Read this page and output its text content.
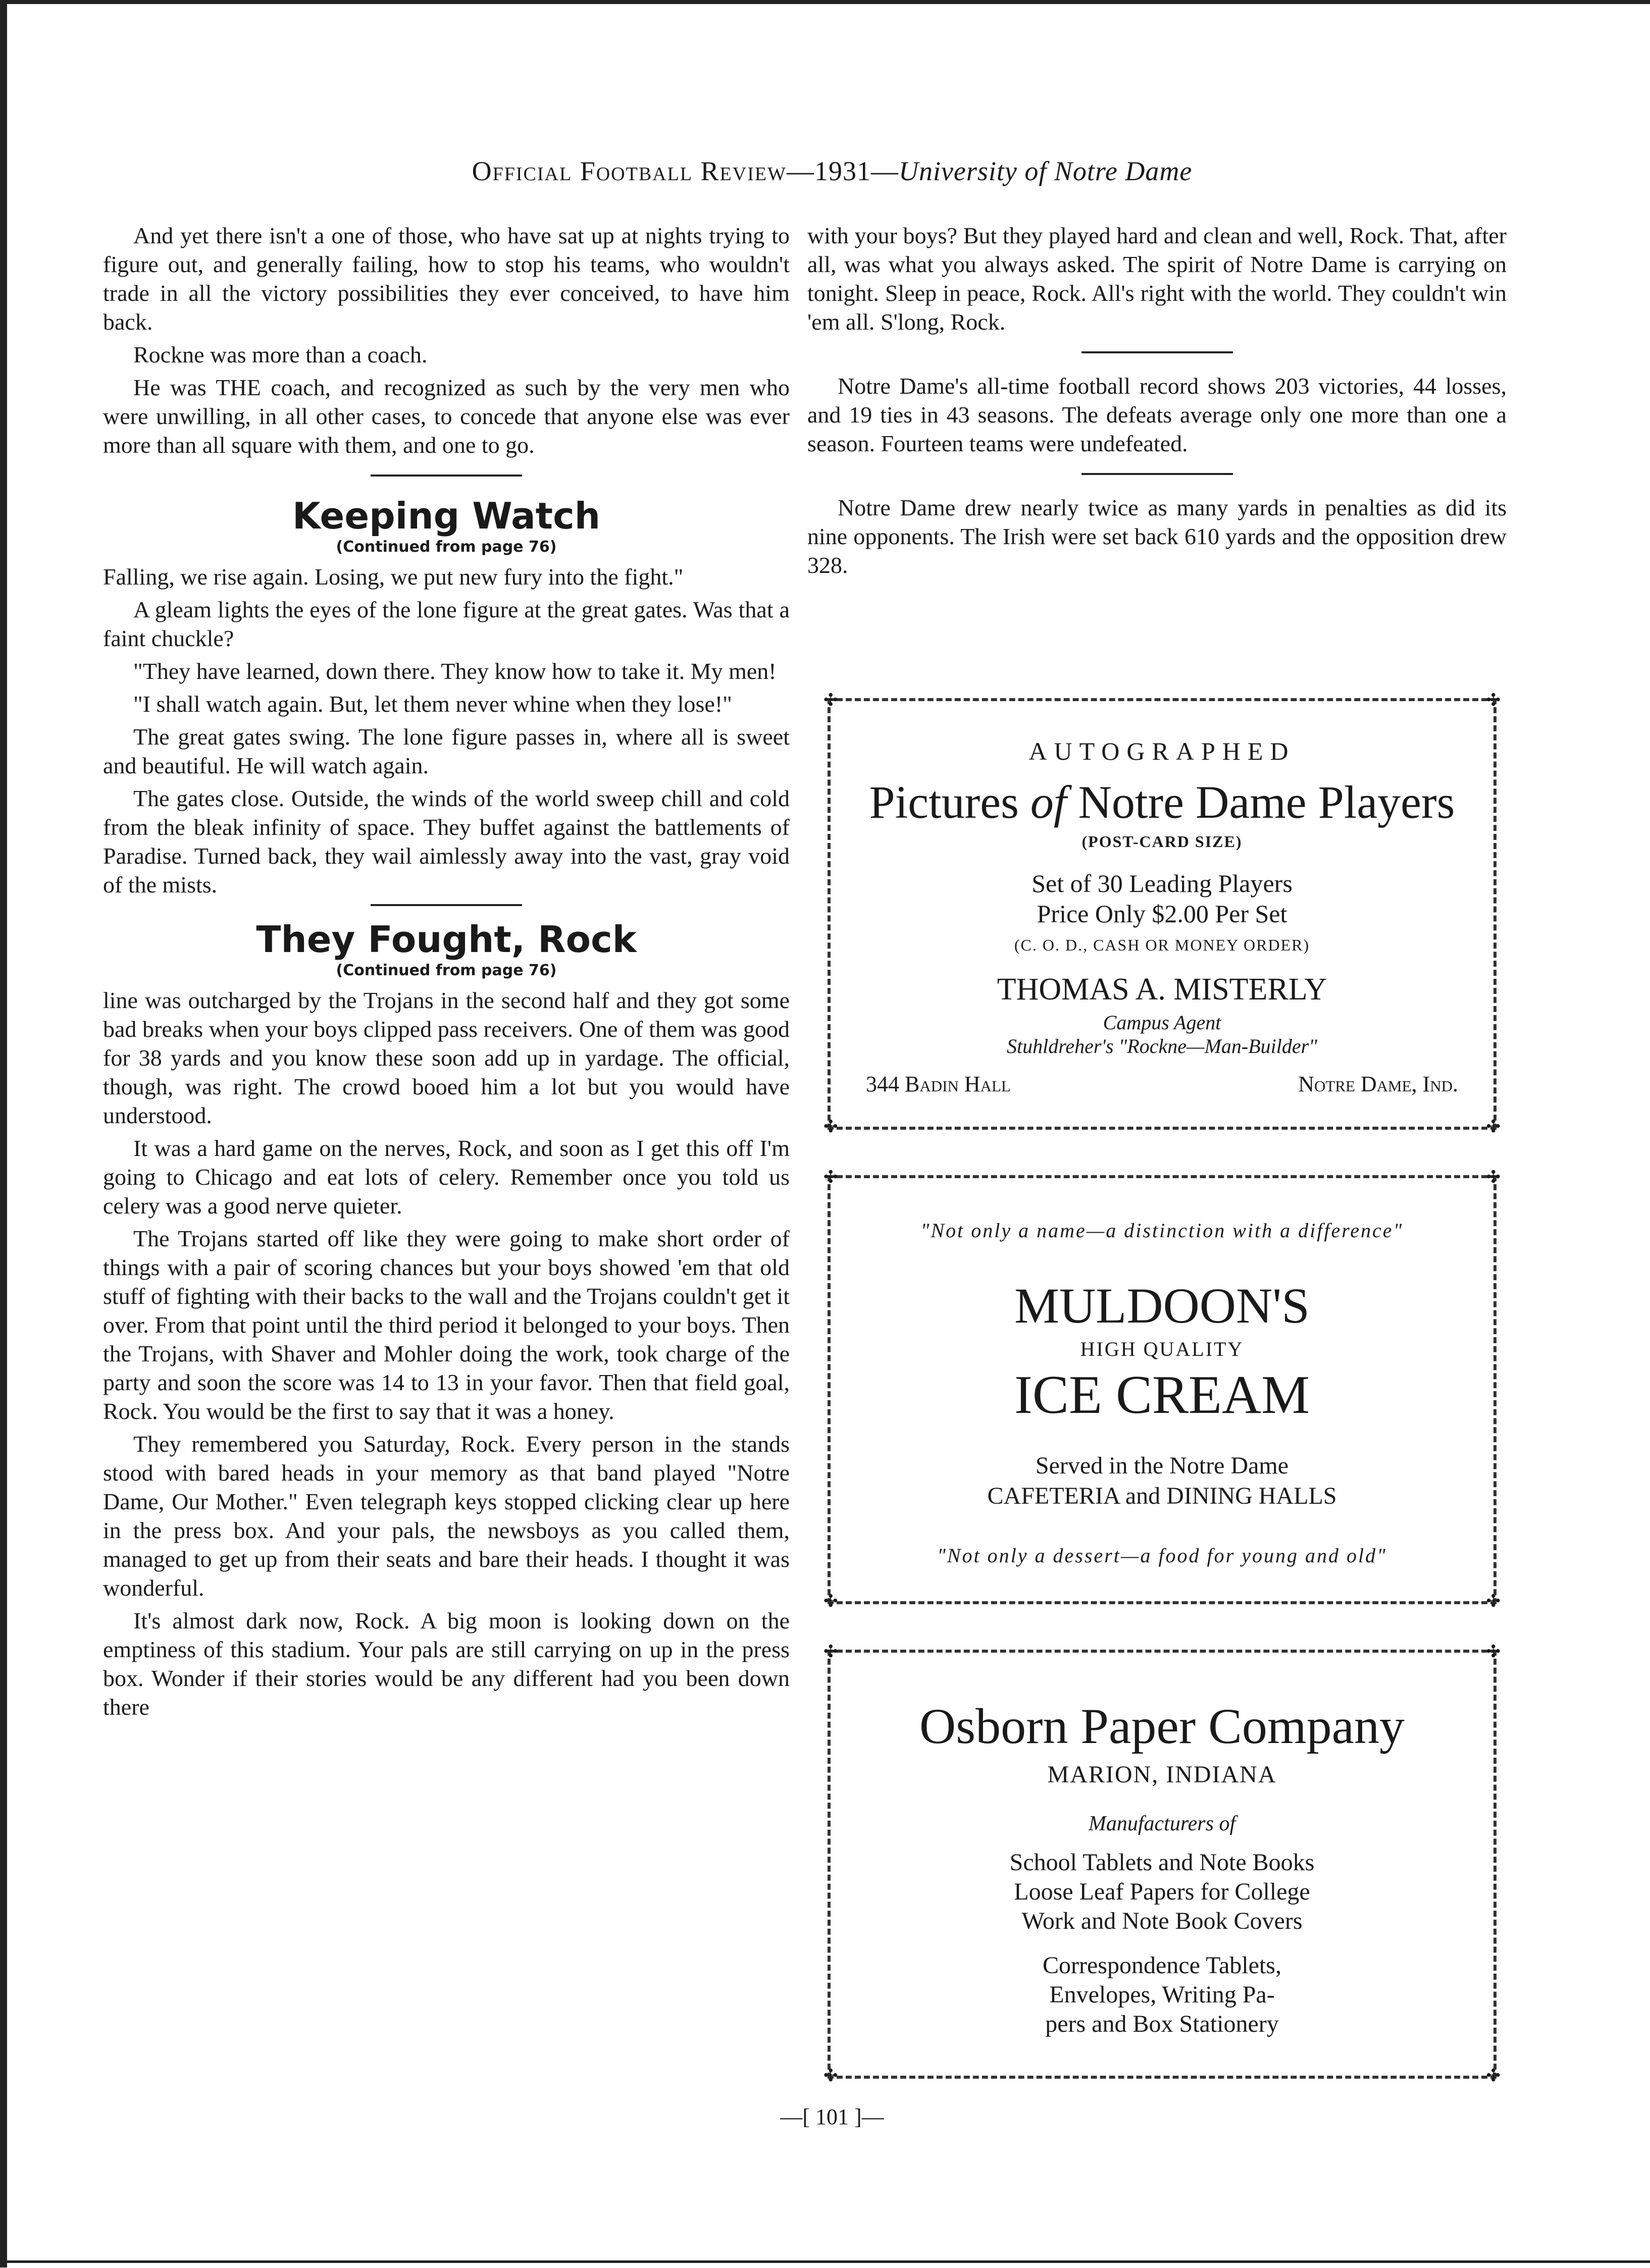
Official Football Review—1931—University of Notre Dame

And yet there isn't a one of those, who have sat up at nights trying to figure out, and generally failing, how to stop his teams, who wouldn't trade in all the victory possibilities they ever conceived, to have him back.

Rockne was more than a coach.

He was THE coach, and recognized as such by the very men who were unwilling, in all other cases, to concede that anyone else was ever more than all square with them, and one to go.

Keeping Watch
(Continued from page 76)

Falling, we rise again. Losing, we put new fury into the fight."

A gleam lights the eyes of the lone figure at the great gates. Was that a faint chuckle?

"They have learned, down there. They know how to take it. My men!

"I shall watch again. But, let them never whine when they lose!"

The great gates swing. The lone figure passes in, where all is sweet and beautiful. He will watch again.

The gates close. Outside, the winds of the world sweep chill and cold from the bleak infinity of space. They buffet against the battlements of Paradise. Turned back, they wail aimlessly away into the vast, gray void of the mists.

They Fought, Rock
(Continued from page 76)

line was outcharged by the Trojans in the second half and they got some bad breaks when your boys clipped pass receivers. One of them was good for 38 yards and you know these soon add up in yardage. The official, though, was right. The crowd booed him a lot but you would have understood.

It was a hard game on the nerves, Rock, and soon as I get this off I'm going to Chicago and eat lots of celery. Remember once you told us celery was a good nerve quieter.

The Trojans started off like they were going to make short order of things with a pair of scoring chances but your boys showed 'em that old stuff of fighting with their backs to the wall and the Trojans couldn't get it over. From that point until the third period it belonged to your boys. Then the Trojans, with Shaver and Mohler doing the work, took charge of the party and soon the score was 14 to 13 in your favor. Then that field goal, Rock. You would be the first to say that it was a honey.

They remembered you Saturday, Rock. Every person in the stands stood with bared heads in your memory as that band played "Notre Dame, Our Mother." Even telegraph keys stopped clicking clear up here in the press box. And your pals, the newsboys as you called them, managed to get up from their seats and bare their heads. I thought it was wonderful.

It's almost dark now, Rock. A big moon is looking down on the emptiness of this stadium. Your pals are still carrying on up in the press box. Wonder if their stories would be any different had you been down there

with your boys? But they played hard and clean and well, Rock. That, after all, was what you always asked. The spirit of Notre Dame is carrying on tonight. Sleep in peace, Rock. All's right with the world. They couldn't win 'em all. S'long, Rock.

Notre Dame's all-time football record shows 203 victories, 44 losses, and 19 ties in 43 seasons. The defeats average only one more than one a season. Fourteen teams were undefeated.

Notre Dame drew nearly twice as many yards in penalties as did its nine opponents. The Irish were set back 610 yards and the opposition drew 328.

✣	✣
✣	✣
AUTOGRAPHED
Pictures of Notre Dame Players
(POST-CARD SIZE)
Set of 30 Leading Players
Price Only $2.00 Per Set
(C. O. D., CASH OR MONEY ORDER)
THOMAS A. MISTERLY
Campus Agent
Stuhldreher's "Rockne—Man-Builder"
344 Badin Hall	Notre Dame, Ind.
✣	✣
✣	✣
"Not only a name—a distinction with a difference"
MULDOON'S
HIGH QUALITY
ICE CREAM
Served in the Notre Dame
CAFETERIA and DINING HALLS
"Not only a dessert—a food for young and old"
✣	✣
✣	✣
Osborn Paper Company
MARION, INDIANA
Manufacturers of
School Tablets and Note Books
Loose Leaf Papers for College
Work and Note Book Covers
Correspondence Tablets,
Envelopes, Writing Pa-
pers and Box Stationery
—[ 101 ]—
